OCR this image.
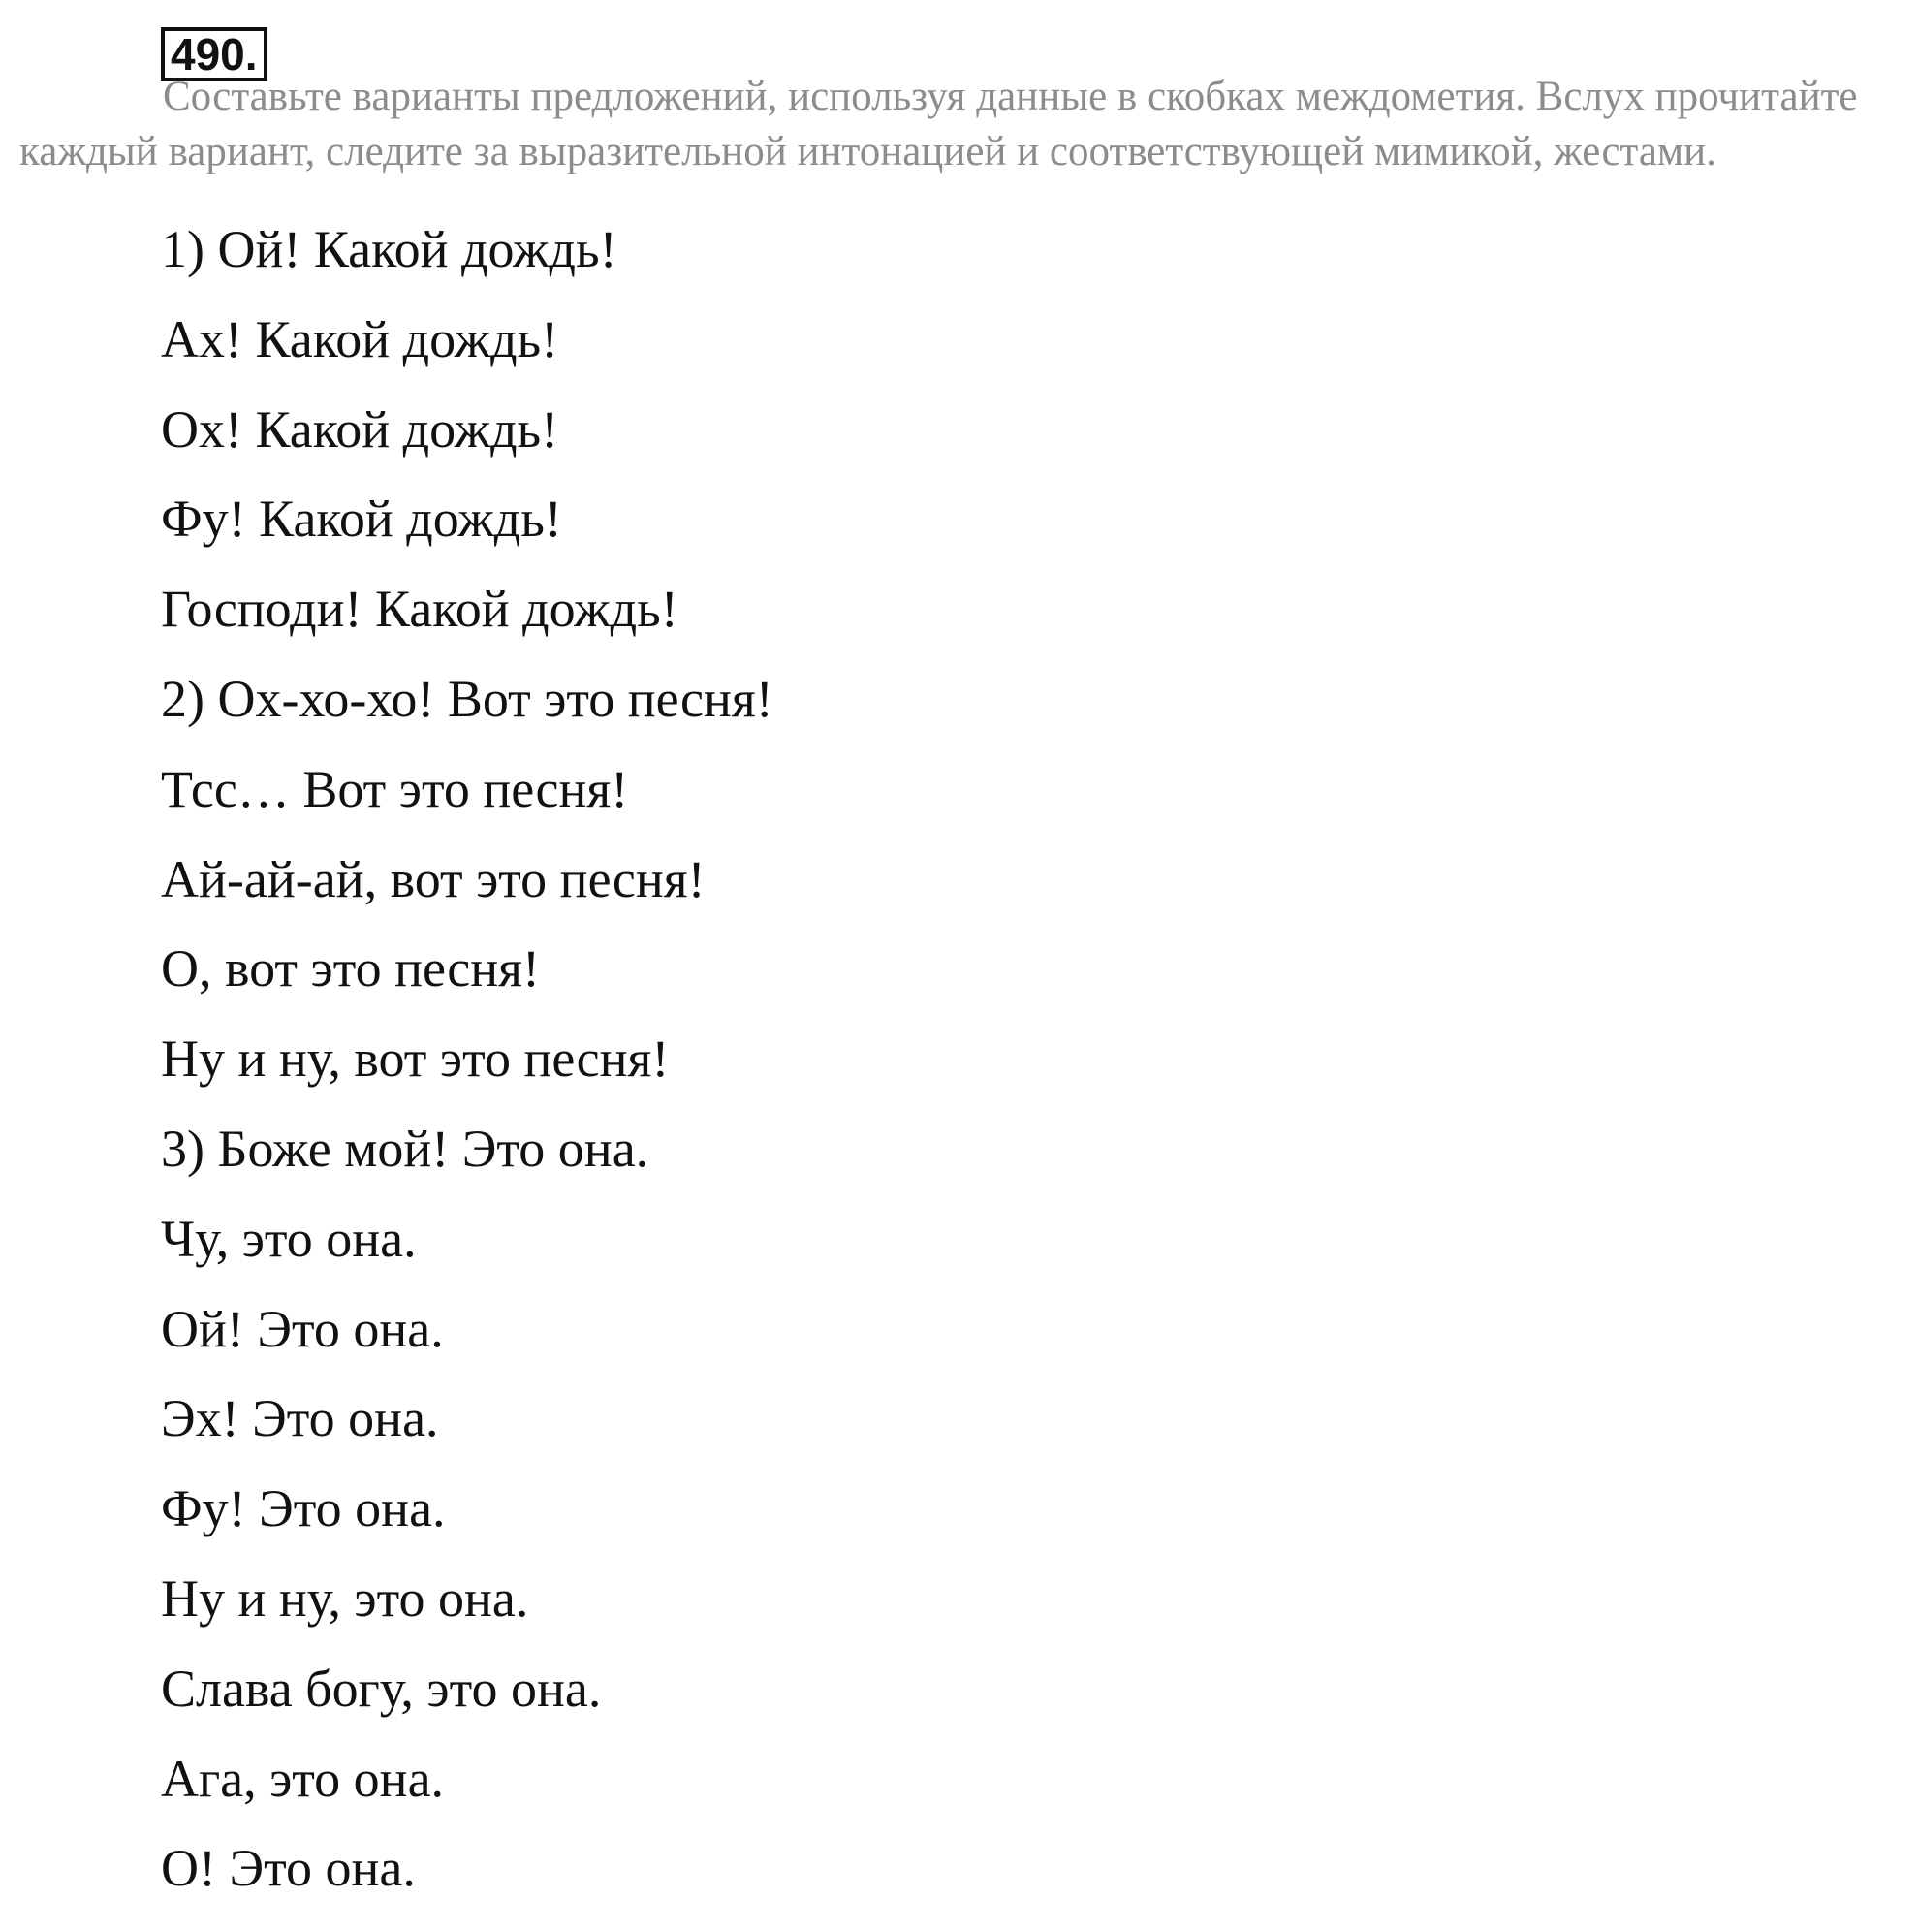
490.

Составьте варианты предложений, используя данные в скобках междометия. Вслух прочитайте каждый вариант, следите за выразительной интонацией и соответствующей мимикой, жестами.

1) Ой! Какой дождь!
Ах! Какой дождь!
Ох! Какой дождь!
Фу! Какой дождь!
Господи! Какой дождь!
2) Ох-хо-хо! Вот это песня!
Тсс… Вот это песня!
Ай-ай-ай, вот это песня!
О, вот это песня!
Ну и ну, вот это песня!
3) Боже мой! Это она.
Чу, это она.
Ой! Это она.
Эх! Это она.
Фу! Это она.
Ну и ну, это она.
Слава богу, это она.
Ага, это она.
О! Это она.
